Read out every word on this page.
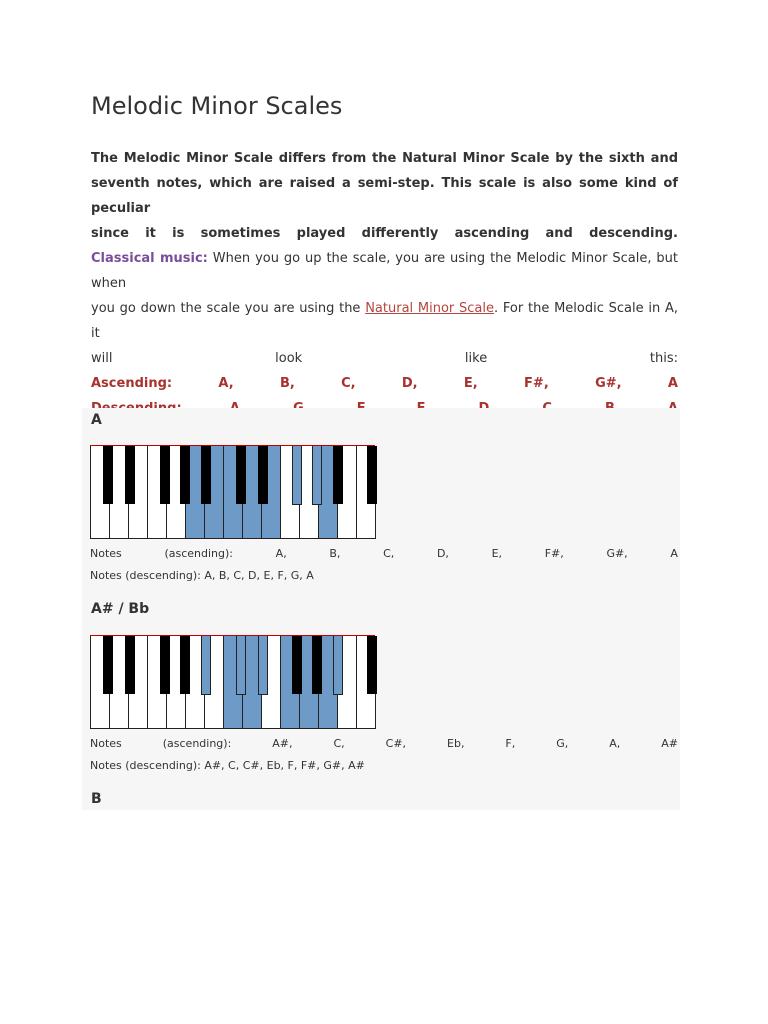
Melodic Minor Scales
The Melodic Minor Scale differs from the Natural Minor Scale by the sixth and
seventh notes, which are raised a semi-step. This scale is also some kind of peculiar
since it is sometimes played differently ascending and descending.
Classical music: When you go up the scale, you are using the Melodic Minor Scale, but when
you go down the scale you are using the Natural Minor Scale. For the Melodic Scale in A, it
will	look	like	this:
Ascending:	A,	B,	C,	D,	E,	F#,	G#,	A
A
Notes	(ascending):	A,	B,	C,	D,	E,	F#,	G#,	A
Notes (descending): A, B, C, D, E, F, G, A
A# / Bb
Notes	(ascending):	A#,	C,	C#,	Eb,	F,	G,	A,	A#
Notes (descending): A#, C, C#, Eb, F, F#, G#, A#
B
